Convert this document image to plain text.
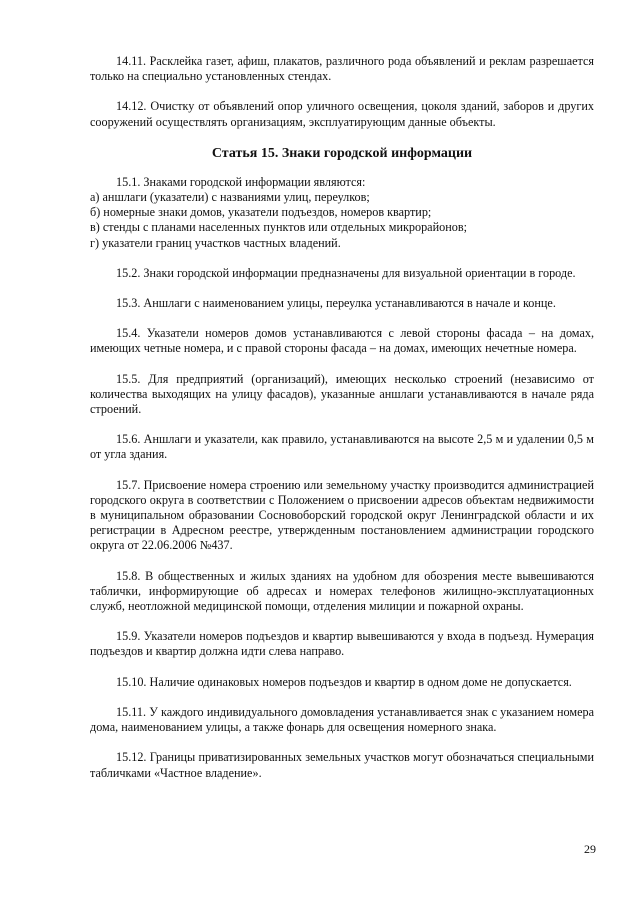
14.11. Расклейка газет, афиш, плакатов, различного рода объявлений и реклам разрешается только на специально установленных стендах.

14.12. Очистку от объявлений опор уличного освещения, цоколя зданий, заборов и других сооружений осуществлять организациям, эксплуатирующим данные объекты.

Статья 15. Знаки городской информации
15.1. Знаками городской информации являются:
а) аншлаги (указатели) с названиями улиц, переулков;
б) номерные знаки домов, указатели подъездов, номеров квартир;
в) стенды с планами населенных пунктов или отдельных микрорайонов;
г) указатели границ участков частных владений.

15.2. Знаки городской информации предназначены для визуальной ориентации в городе.

15.3. Аншлаги с наименованием улицы, переулка устанавливаются в начале и конце.

15.4. Указатели номеров домов устанавливаются с левой стороны фасада – на домах, имеющих четные номера, и с правой стороны фасада – на домах, имеющих нечетные номера.

15.5. Для предприятий (организаций), имеющих несколько строений (независимо от количества выходящих на улицу фасадов), указанные аншлаги устанавливаются в начале ряда строений.

15.6. Аншлаги и указатели, как правило, устанавливаются на высоте 2,5 м и удалении 0,5 м от угла здания.

15.7. Присвоение номера строению или земельному участку производится администрацией городского округа в соответствии с Положением о присвоении адресов объектам недвижимости в муниципальном образовании Сосновоборский городской округ Ленинградской области и их регистрации в Адресном реестре, утвержденным постановлением администрации городского округа от 22.06.2006 №437.

15.8. В общественных и жилых зданиях на удобном для обозрения месте вывешиваются таблички, информирующие об адресах и номерах телефонов жилищно-эксплуатационных служб, неотложной медицинской помощи, отделения милиции и пожарной охраны.

15.9. Указатели номеров подъездов и квартир вывешиваются у входа в подъезд. Нумерация подъездов и квартир должна идти слева направо.

15.10. Наличие одинаковых номеров подъездов и квартир в одном доме не допускается.

15.11. У каждого индивидуального домовладения устанавливается знак с указанием номера дома, наименованием улицы, а также фонарь для освещения номерного знака.

15.12. Границы приватизированных земельных участков могут обозначаться специальными табличками «Частное владение».

29
